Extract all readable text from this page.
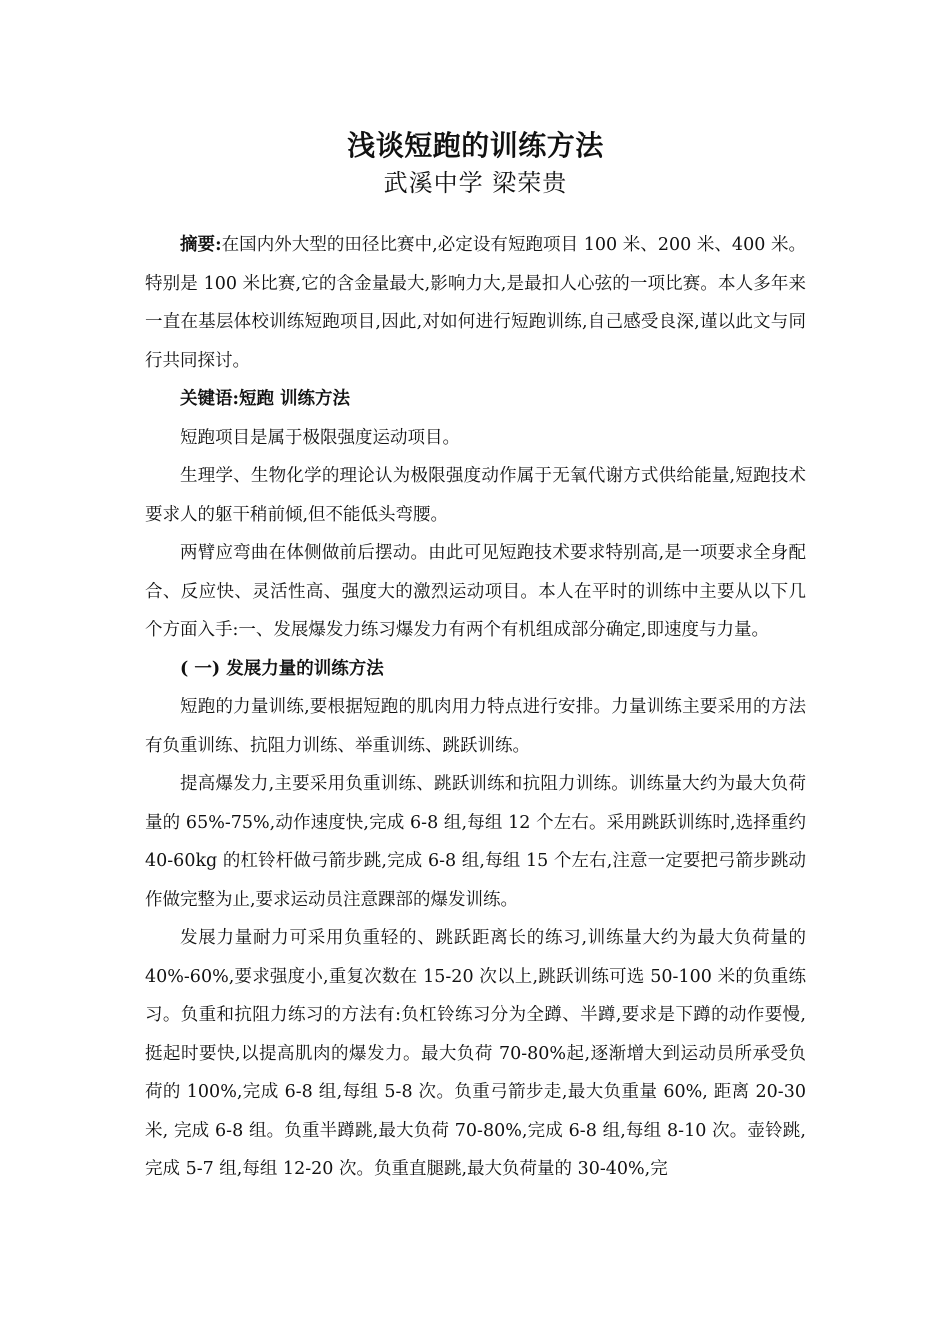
浅谈短跑的训练方法
武溪中学 梁荣贵

摘要:在国内外大型的田径比赛中,必定设有短跑项目 100 米、200 米、400 米。特别是 100 米比赛,它的含金量最大,影响力大,是最扣人心弦的一项比赛。本人多年来一直在基层体校训练短跑项目,因此,对如何进行短跑训练,自己感受良深,谨以此文与同行共同探讨。

关键语:短跑 训练方法

短跑项目是属于极限强度运动项目。

生理学、生物化学的理论认为极限强度动作属于无氧代谢方式供给能量,短跑技术要求人的躯干稍前倾,但不能低头弯腰。

两臂应弯曲在体侧做前后摆动。由此可见短跑技术要求特别高,是一项要求全身配合、反应快、灵活性高、强度大的激烈运动项目。本人在平时的训练中主要从以下几个方面入手:一、发展爆发力练习爆发力有两个有机组成部分确定,即速度与力量。

( 一) 发展力量的训练方法

短跑的力量训练,要根据短跑的肌肉用力特点进行安排。力量训练主要采用的方法有负重训练、抗阻力训练、举重训练、跳跃训练。

提高爆发力,主要采用负重训练、跳跃训练和抗阻力训练。训练量大约为最大负荷量的 65%-75%,动作速度快,完成 6-8 组,每组 12 个左右。采用跳跃训练时,选择重约 40-60kg 的杠铃杆做弓箭步跳,完成 6-8 组,每组 15 个左右,注意一定要把弓箭步跳动作做完整为止,要求运动员注意踝部的爆发训练。

发展力量耐力可采用负重轻的、跳跃距离长的练习,训练量大约为最大负荷量的 40%-60%,要求强度小,重复次数在 15-20 次以上,跳跃训练可选 50-100 米的负重练习。负重和抗阻力练习的方法有:负杠铃练习分为全蹲、半蹲,要求是下蹲的动作要慢,挺起时要快,以提高肌肉的爆发力。最大负荷 70-80%起,逐渐增大到运动员所承受负荷的 100%,完成 6-8 组,每组 5-8 次。负重弓箭步走,最大负重量 60%, 距离 20-30 米, 完成 6-8 组。负重半蹲跳,最大负荷 70-80%,完成 6-8 组,每组 8-10 次。壶铃跳,完成 5-7 组,每组 12-20 次。负重直腿跳,最大负荷量的 30-40%,完
